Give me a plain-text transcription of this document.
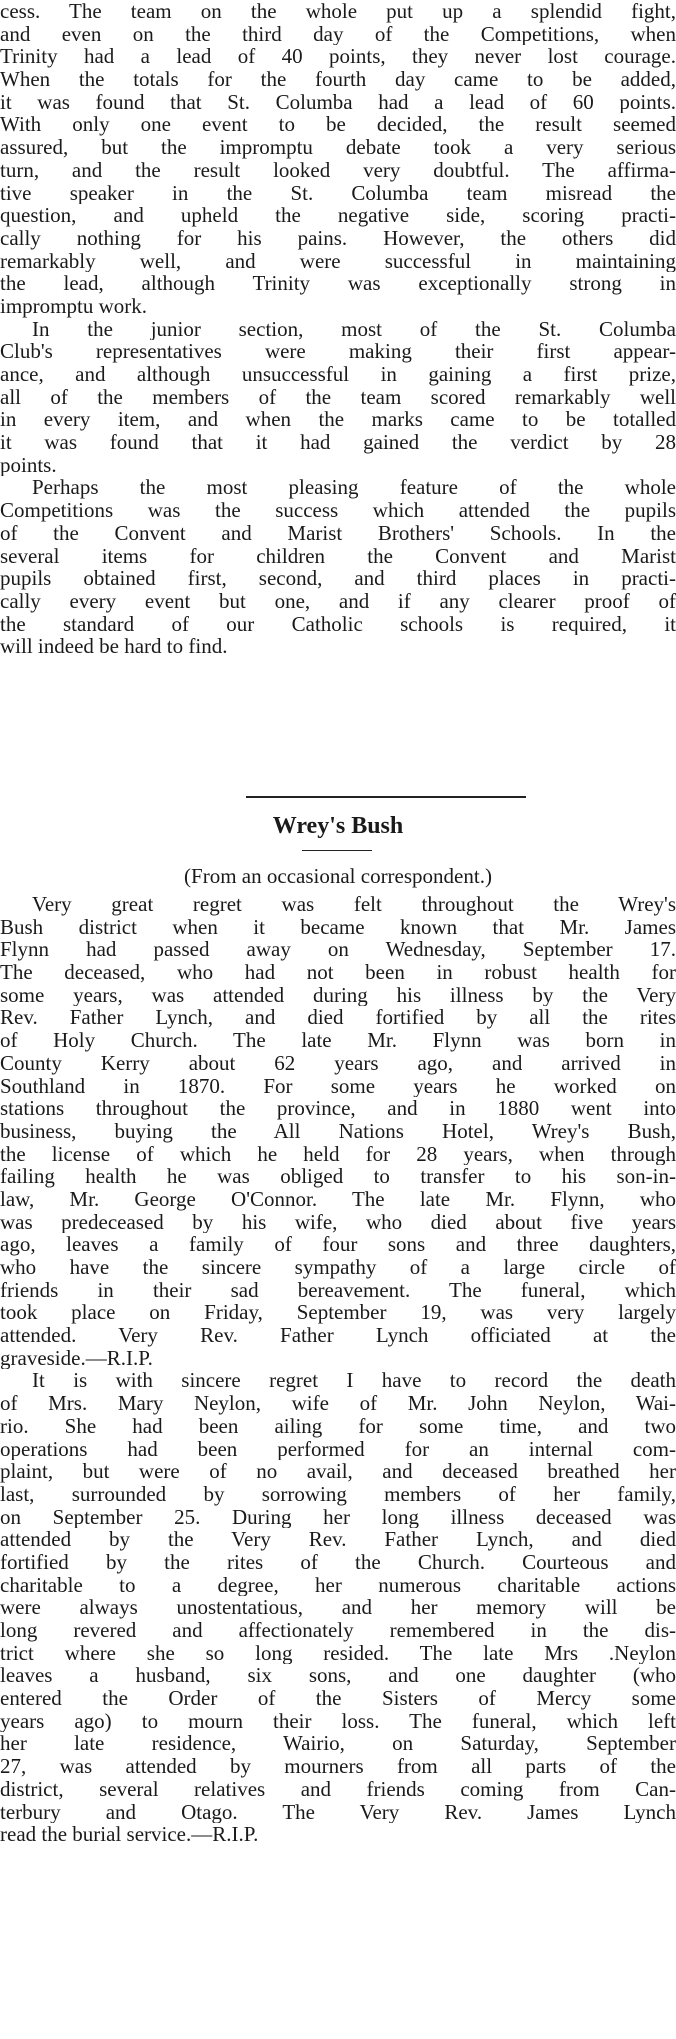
cess. The team on the whole put up a splendid fight,
and even on the third day of the Competitions, when
Trinity had a lead of 40 points, they never lost courage.
When the totals for the fourth day came to be added,
it was found that St. Columba had a lead of 60 points.
With only one event to be decided, the result seemed
assured, but the impromptu debate took a very serious
turn, and the result looked very doubtful. The affirma-
tive speaker in the St. Columba team misread the
question, and upheld the negative side, scoring practi-
cally nothing for his pains. However, the others did
remarkably well, and were successful in maintaining
the lead, although Trinity was exceptionally strong in
impromptu work.
In the junior section, most of the St. Columba
Club's representatives were making their first appear-
ance, and although unsuccessful in gaining a first prize,
all of the members of the team scored remarkably well
in every item, and when the marks came to be totalled
it was found that it had gained the verdict by 28
points.
Perhaps the most pleasing feature of the whole
Competitions was the success which attended the pupils
of the Convent and Marist Brothers' Schools. In the
several items for children the Convent and Marist
pupils obtained first, second, and third places in practi-
cally every event but one, and if any clearer proof of
the standard of our Catholic schools is required, it
will indeed be hard to find.
Wrey's Bush
(From an occasional correspondent.)
Very great regret was felt throughout the Wrey's
Bush district when it became known that Mr. James
Flynn had passed away on Wednesday, September 17.
The deceased, who had not been in robust health for
some years, was attended during his illness by the Very
Rev. Father Lynch, and died fortified by all the rites
of Holy Church. The late Mr. Flynn was born in
County Kerry about 62 years ago, and arrived in
Southland in 1870. For some years he worked on
stations throughout the province, and in 1880 went into
business, buying the All Nations Hotel, Wrey's Bush,
the license of which he held for 28 years, when through
failing health he was obliged to transfer to his son-in-
law, Mr. George O'Connor. The late Mr. Flynn, who
was predeceased by his wife, who died about five years
ago, leaves a family of four sons and three daughters,
who have the sincere sympathy of a large circle of
friends in their sad bereavement. The funeral, which
took place on Friday, September 19, was very largely
attended. Very Rev. Father Lynch officiated at the
graveside.—R.I.P.
It is with sincere regret I have to record the death
of Mrs. Mary Neylon, wife of Mr. John Neylon, Wai-
rio. She had been ailing for some time, and two
operations had been performed for an internal com-
plaint, but were of no avail, and deceased breathed her
last, surrounded by sorrowing members of her family,
on September 25. During her long illness deceased was
attended by the Very Rev. Father Lynch, and died
fortified by the rites of the Church. Courteous and
charitable to a degree, her numerous charitable actions
were always unostentatious, and her memory will be
long revered and affectionately remembered in the dis-
trict where she so long resided. The late Mrs .Neylon
leaves a husband, six sons, and one daughter (who
entered the Order of the Sisters of Mercy some
years ago) to mourn their loss. The funeral, which left
her late residence, Wairio, on Saturday, September
27, was attended by mourners from all parts of the
district, several relatives and friends coming from Can-
terbury and Otago. The Very Rev. James Lynch
read the burial service.—R.I.P.
